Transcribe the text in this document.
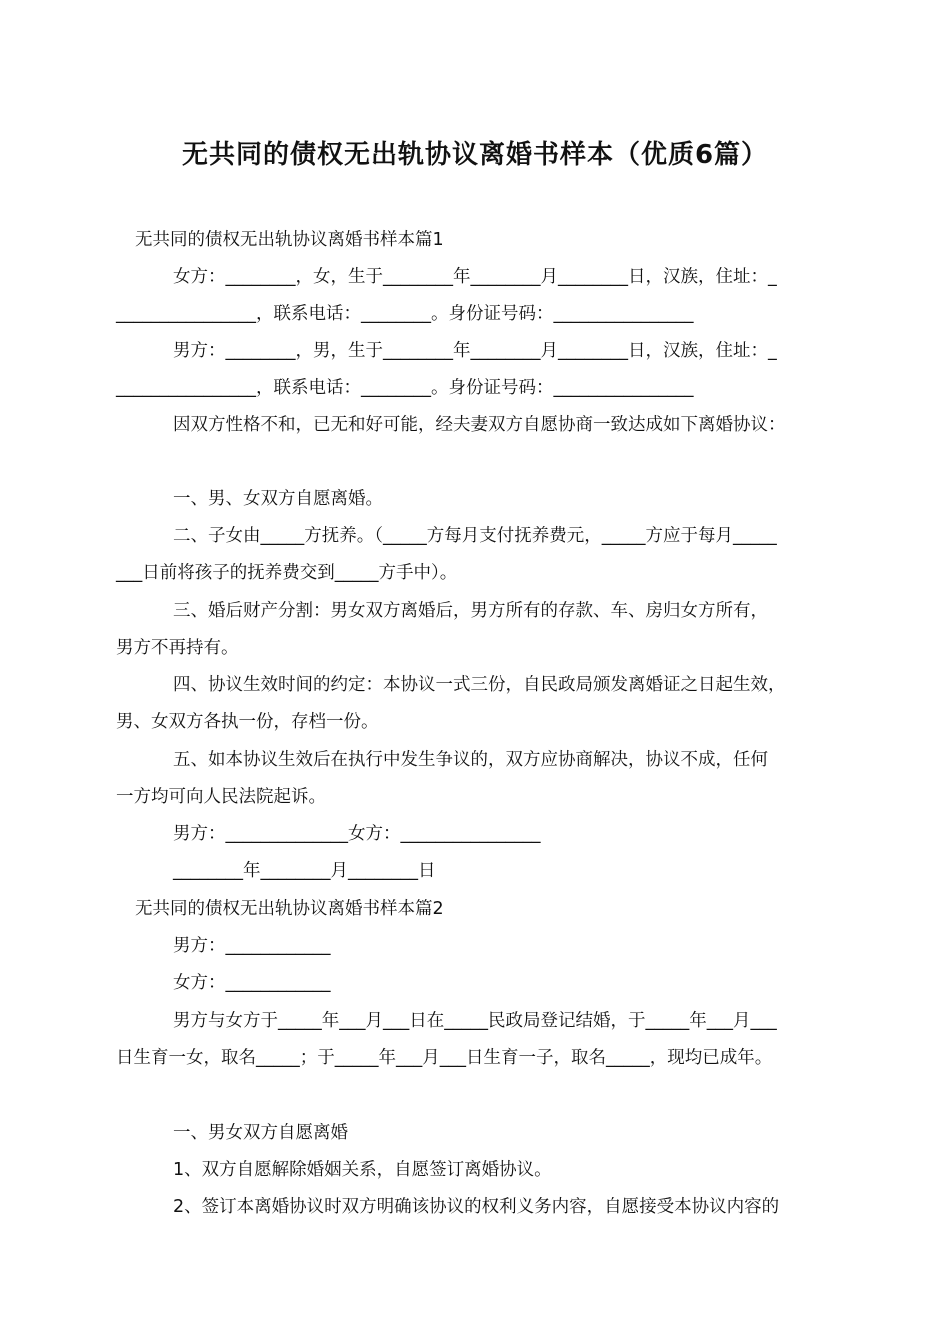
无共同的债权无出轨协议离婚书样本（优质6篇）
无共同的债权无出轨协议离婚书样本篇1
女方：________，女，生于________年________月________日，汉族，住址：_
________________，联系电话：________。身份证号码：________________
男方：________，男，生于________年________月________日，汉族，住址：_
________________，联系电话：________。身份证号码：________________
因双方性格不和，已无和好可能，经夫妻双方自愿协商一致达成如下离婚协议：
一、男、女双方自愿离婚。
二、子女由_____方抚养。（_____方每月支付抚养费元，_____方应于每月_____
___日前将孩子的抚养费交到_____方手中）。
三、婚后财产分割：男女双方离婚后，男方所有的存款、车、房归女方所有，
男方不再持有。
四、协议生效时间的约定：本协议一式三份，自民政局颁发离婚证之日起生效，
男、女双方各执一份，存档一份。
五、如本协议生效后在执行中发生争议的，双方应协商解决，协议不成，任何
一方均可向人民法院起诉。
男方：______________女方：________________
________年________月________日
无共同的债权无出轨协议离婚书样本篇2
男方：____________
女方：____________
男方与女方于_____年___月___日在_____民政局登记结婚，于_____年___月___
日生育一女，取名_____；于_____年___月___日生育一子，取名_____，现均已成年。
一、男女双方自愿离婚
1、双方自愿解除婚姻关系，自愿签订离婚协议。
2、签订本离婚协议时双方明确该协议的权利义务内容，自愿接受本协议内容的
